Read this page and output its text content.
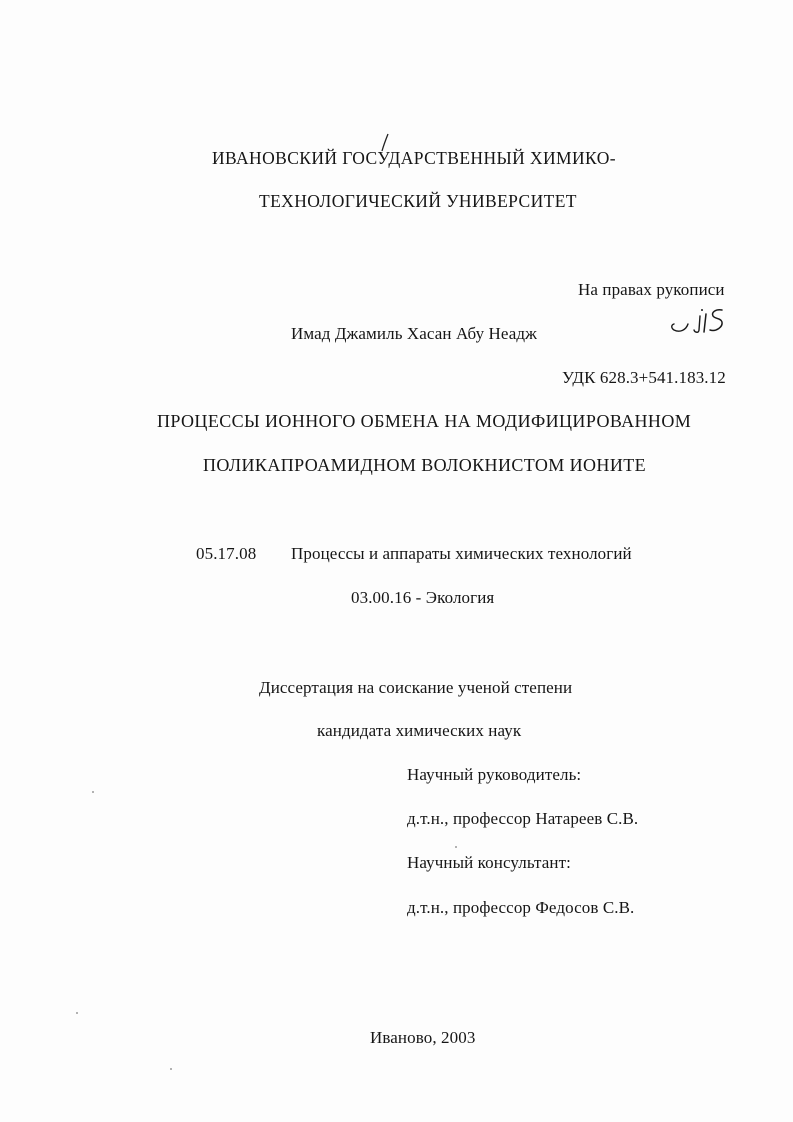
ИВАНОВСКИЙ ГОСУДАРСТВЕННЫЙ ХИМИКО-
ТЕХНОЛОГИЧЕСКИЙ УНИВЕРСИТЕТ
На правах рукописи
Имад Джамиль Хасан Абу Неадж
УДК 628.3+541.183.12
ПРОЦЕССЫ ИОННОГО ОБМЕНА НА МОДИФИЦИРОВАННОМ
ПОЛИКАПРОАМИДНОМ ВОЛОКНИСТОМ ИОНИТЕ
05.17.08 Процессы и аппараты химических технологий
03.00.16 - Экология
Диссертация на соискание ученой степени
кандидата химических наук
Научный руководитель:
д.т.н., профессор Натареев С.В.
Научный консультант:
д.т.н., профессор Федосов С.В.
Иваново, 2003
